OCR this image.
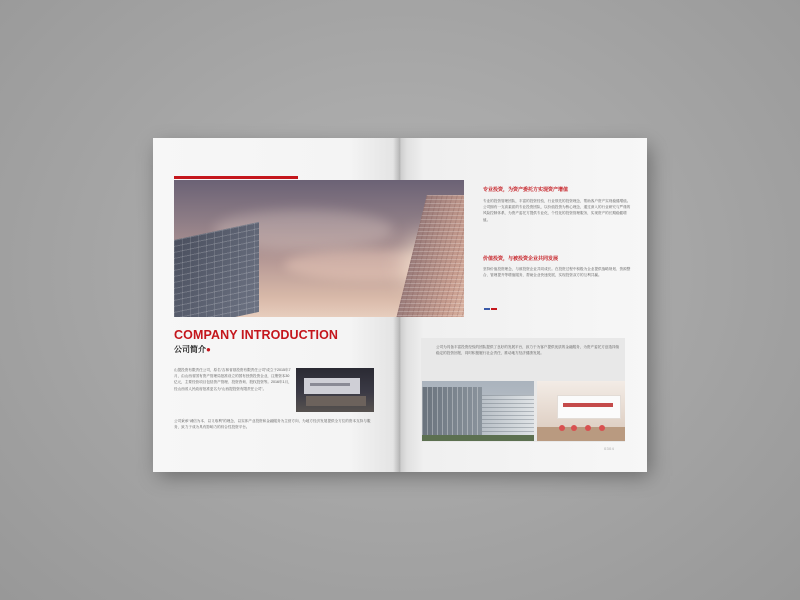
COMPANY INTRODUCTION
公司简介●
山提投资有限责任公司，原名“吉林省基投资有限责任公司”成立于2015年7月，由山西省国有资产管理局批准设立的国有独资投资企业，注册资本30亿元，主要经营项目包括资产管理、投资咨询、股权投资等。2016年1月，经山西省人民政府批准更名为“山西提投资有限责任公司”。
公司秉承“诚信为本、以义取利”的理念，以实体产业投资和金融服务为主营方向，为地方经济发展提供全方位的资本支持与服务，致力于成为具有影响力的综合性投资平台。
专业投资，为资产委托方实现资产增值
专业的投资管理团队，丰富的投资经验，行业领先的投资理念，帮助客户资产实现稳健增值。公司拥有一支高素质的专业投资团队，以价值投资为核心理念，通过深入的行业研究与严谨的风险控制体系，为资产委托方提供专业化、个性化的投资管理服务，实现资产的长期稳健增值。
价值投资，与被投资企业共同发展
坚持价值投资理念，与被投资企业共同成长。在投资过程中积极为企业提供战略规划、资源整合、管理提升等增值服务，帮助企业快速发展，实现投资双方的互利共赢。
公司为具备丰富投资经验的团队提供了良好的发展平台，致力于为客户提供优质的金融服务，为资产委托方创造持续稳定的投资回报，同时积极履行社会责任，推动地方经济健康发展。
0304
